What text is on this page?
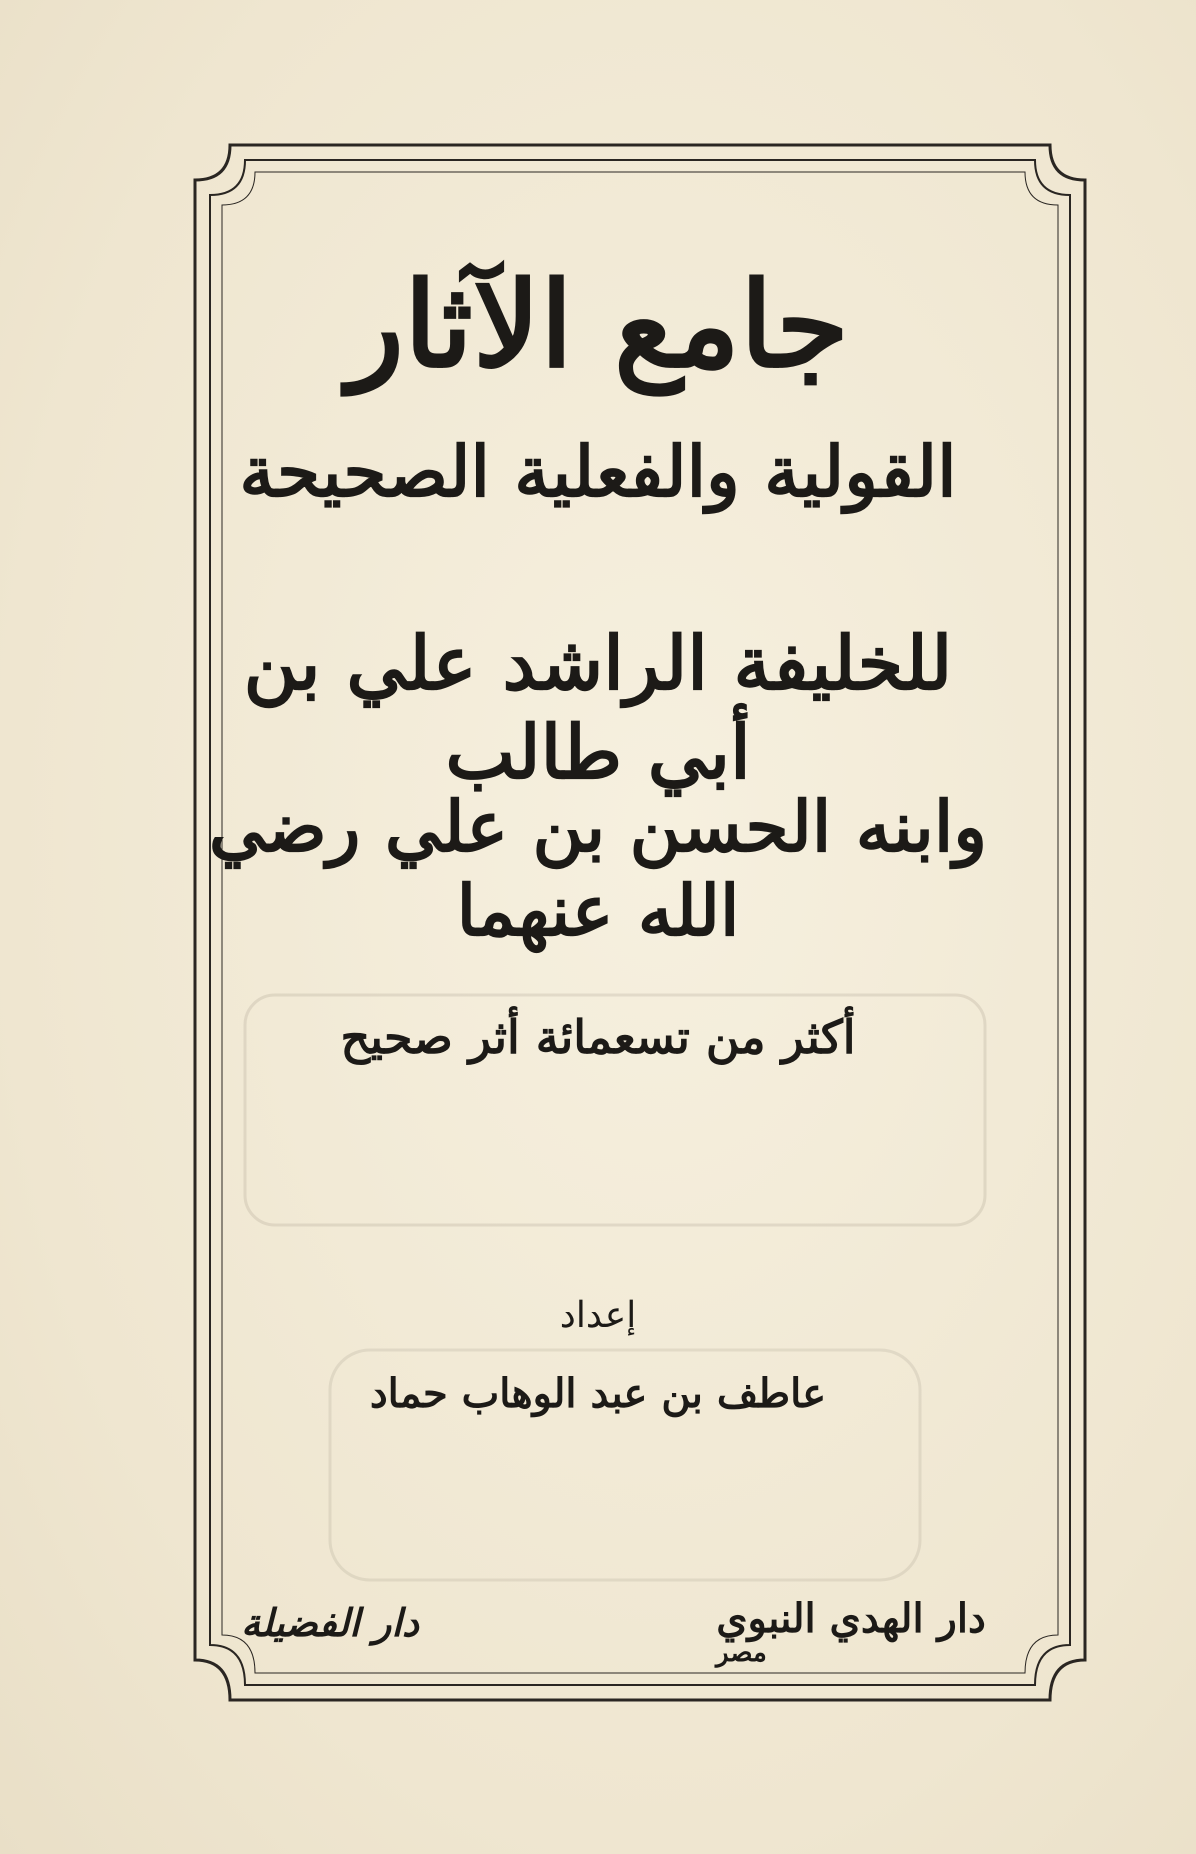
جامع الآثار
القولية والفعلية الصحيحة
للخليفة الراشد علي بن أبي طالب
وابنه الحسن بن علي رضي الله عنهما
أكثر من تسعمائة أثر صحيح
إعداد
عاطف بن عبد الوهاب حماد
دار الهدي النبوي
مصر
دار الفضيلة
